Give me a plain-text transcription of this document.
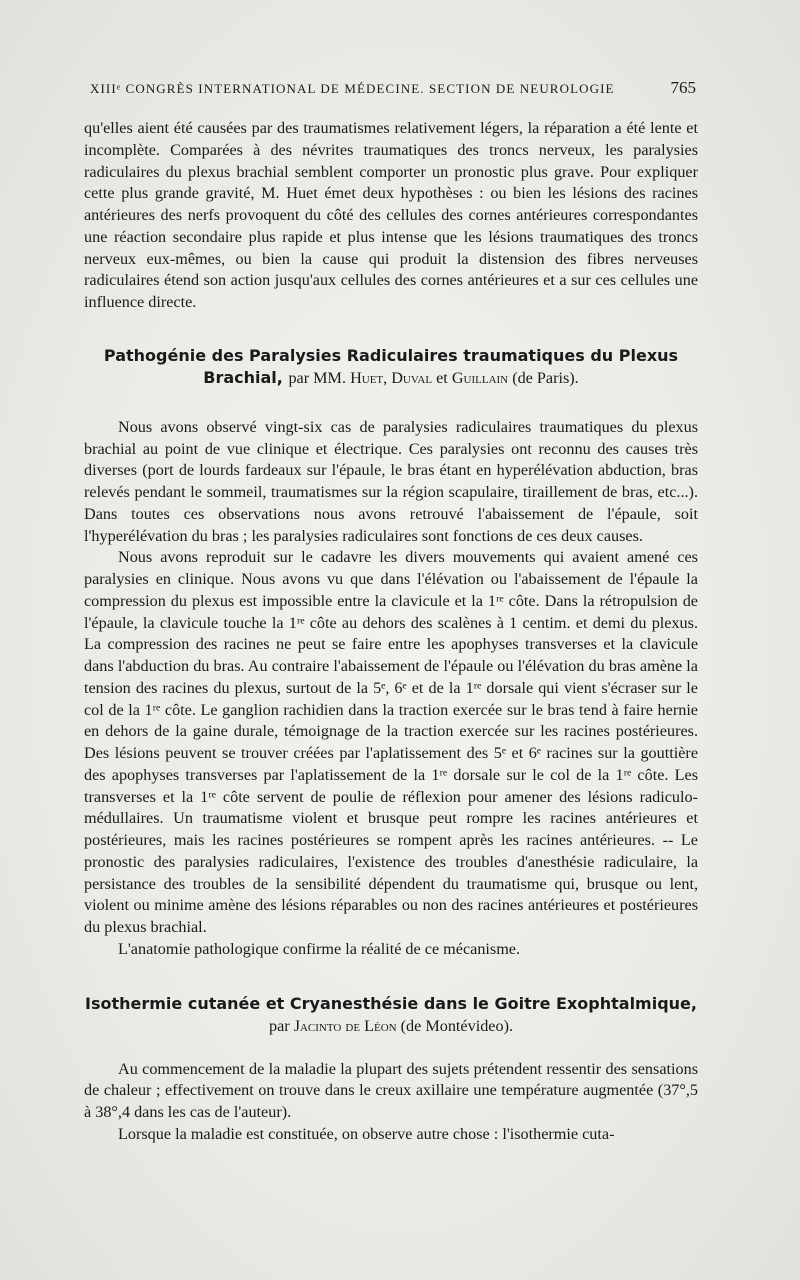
XIIIᵉ CONGRÈS INTERNATIONAL DE MÉDECINE. SECTION DE NEUROLOGIE	765

qu'elles aient été causées par des traumatismes relativement légers, la réparation a été lente et incomplète. Comparées à des névrites traumatiques des troncs nerveux, les paralysies radiculaires du plexus brachial semblent comporter un pronostic plus grave. Pour expliquer cette plus grande gravité, M. Huet émet deux hypothèses : ou bien les lésions des racines antérieures des nerfs provoquent du côté des cellules des cornes antérieures correspondantes une réaction secondaire plus rapide et plus intense que les lésions traumatiques des troncs nerveux eux-mêmes, ou bien la cause qui produit la distension des fibres nerveuses radiculaires étend son action jusqu'aux cellules des cornes antérieures et a sur ces cellules une influence directe.

Pathogénie des Paralysies Radiculaires traumatiques du Plexus Brachial, par MM. Huet, Duval et Guillain (de Paris).

Nous avons observé vingt-six cas de paralysies radiculaires traumatiques du plexus brachial au point de vue clinique et électrique. Ces paralysies ont reconnu des causes très diverses (port de lourds fardeaux sur l'épaule, le bras étant en hyperélévation abduction, bras relevés pendant le sommeil, traumatismes sur la région scapulaire, tiraillement de bras, etc...). Dans toutes ces observations nous avons retrouvé l'abaissement de l'épaule, soit l'hyperélévation du bras ; les paralysies radiculaires sont fonctions de ces deux causes.

Nous avons reproduit sur le cadavre les divers mouvements qui avaient amené ces paralysies en clinique. Nous avons vu que dans l'élévation ou l'abaissement de l'épaule la compression du plexus est impossible entre la clavicule et la 1ʳᵉ côte. Dans la rétropulsion de l'épaule, la clavicule touche la 1ʳᵉ côte au dehors des scalènes à 1 centim. et demi du plexus. La compression des racines ne peut se faire entre les apophyses transverses et la clavicule dans l'abduction du bras. Au contraire l'abaissement de l'épaule ou l'élévation du bras amène la tension des racines du plexus, surtout de la 5ᵉ, 6ᵉ et de la 1ʳᵉ dorsale qui vient s'écraser sur le col de la 1ʳᵉ côte. Le ganglion rachidien dans la traction exercée sur le bras tend à faire hernie en dehors de la gaine durale, témoignage de la traction exercée sur les racines postérieures. Des lésions peuvent se trouver créées par l'aplatissement des 5ᵉ et 6ᵉ racines sur la gouttière des apophyses transverses par l'aplatissement de la 1ʳᵉ dorsale sur le col de la 1ʳᵉ côte. Les transverses et la 1ʳᵉ côte servent de poulie de réflexion pour amener des lésions radiculo-médullaires. Un traumatisme violent et brusque peut rompre les racines antérieures et postérieures, mais les racines postérieures se rompent après les racines antérieures. -- Le pronostic des paralysies radiculaires, l'existence des troubles d'anesthésie radiculaire, la persistance des troubles de la sensibilité dépendent du traumatisme qui, brusque ou lent, violent ou minime amène des lésions réparables ou non des racines antérieures et postérieures du plexus brachial.

L'anatomie pathologique confirme la réalité de ce mécanisme.

Isothermie cutanée et Cryanesthésie dans le Goitre Exophtalmique,
par Jacinto de Léon (de Montévideo).

Au commencement de la maladie la plupart des sujets prétendent ressentir des sensations de chaleur ; effectivement on trouve dans le creux axillaire une température augmentée (37°,5 à 38°,4 dans les cas de l'auteur).

Lorsque la maladie est constituée, on observe autre chose : l'isothermie cuta-
